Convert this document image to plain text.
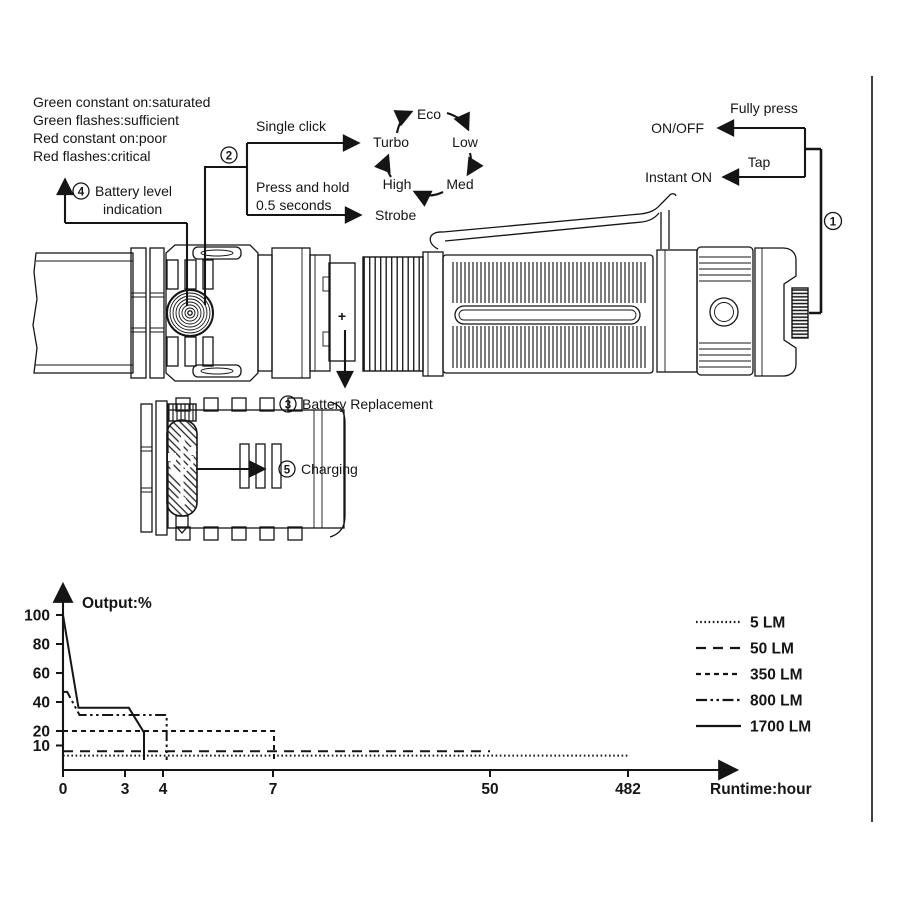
+
Green constant on:saturated
Green flashes:sufficient
Red constant on:poor
Red flashes:critical
4 Battery level
indication
2
Single click
Press and hold
0.5 seconds
Strobe
Eco
Low
Med
High
Turbo
Fully press
ON/OFF
Tap
Instant ON
1
3 Battery Replacement
5 Charging
Output:%
Runtime:hour
100
80
60
40
20
10
0	3 4	7	50	482
5 LM
50 LM
350 LM
800 LM
1700 LM
